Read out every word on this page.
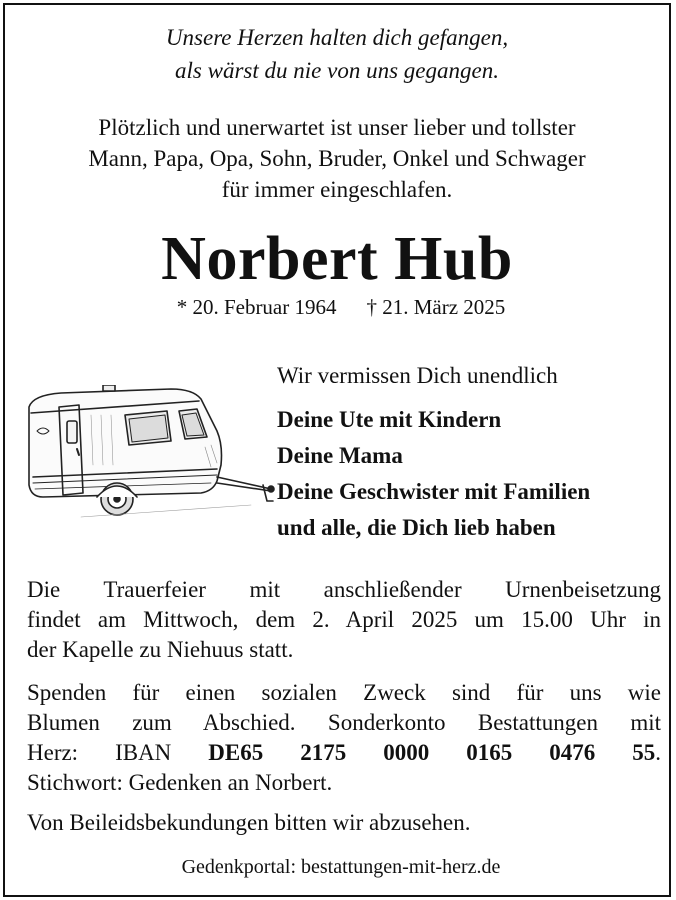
Unsere Herzen halten dich gefangen,
als wärst du nie von uns gegangen.
Plötzlich und unerwartet ist unser lieber und tollster
Mann, Papa, Opa, Sohn, Bruder, Onkel und Schwager
für immer eingeschlafen.
Norbert Hub
* 20. Februar 1964 † 21. März 2025
Wir vermissen Dich unendlich
Deine Ute mit Kindern
Deine Mama
Deine Geschwister mit Familien
und alle, die Dich lieb haben
Die Trauerfeier mit anschließender Urnenbeisetzung
findet am Mittwoch, dem 2. April 2025 um 15.00 Uhr in
der Kapelle zu Niehuus statt.
Spenden für einen sozialen Zweck sind für uns wie
Blumen zum Abschied. Sonderkonto Bestattungen mit
Herz: IBAN DE65 2175 0000 0165 0476 55.
Stichwort: Gedenken an Norbert.
Von Beileidsbekundungen bitten wir abzusehen.
Gedenkportal: bestattungen-mit-herz.de
